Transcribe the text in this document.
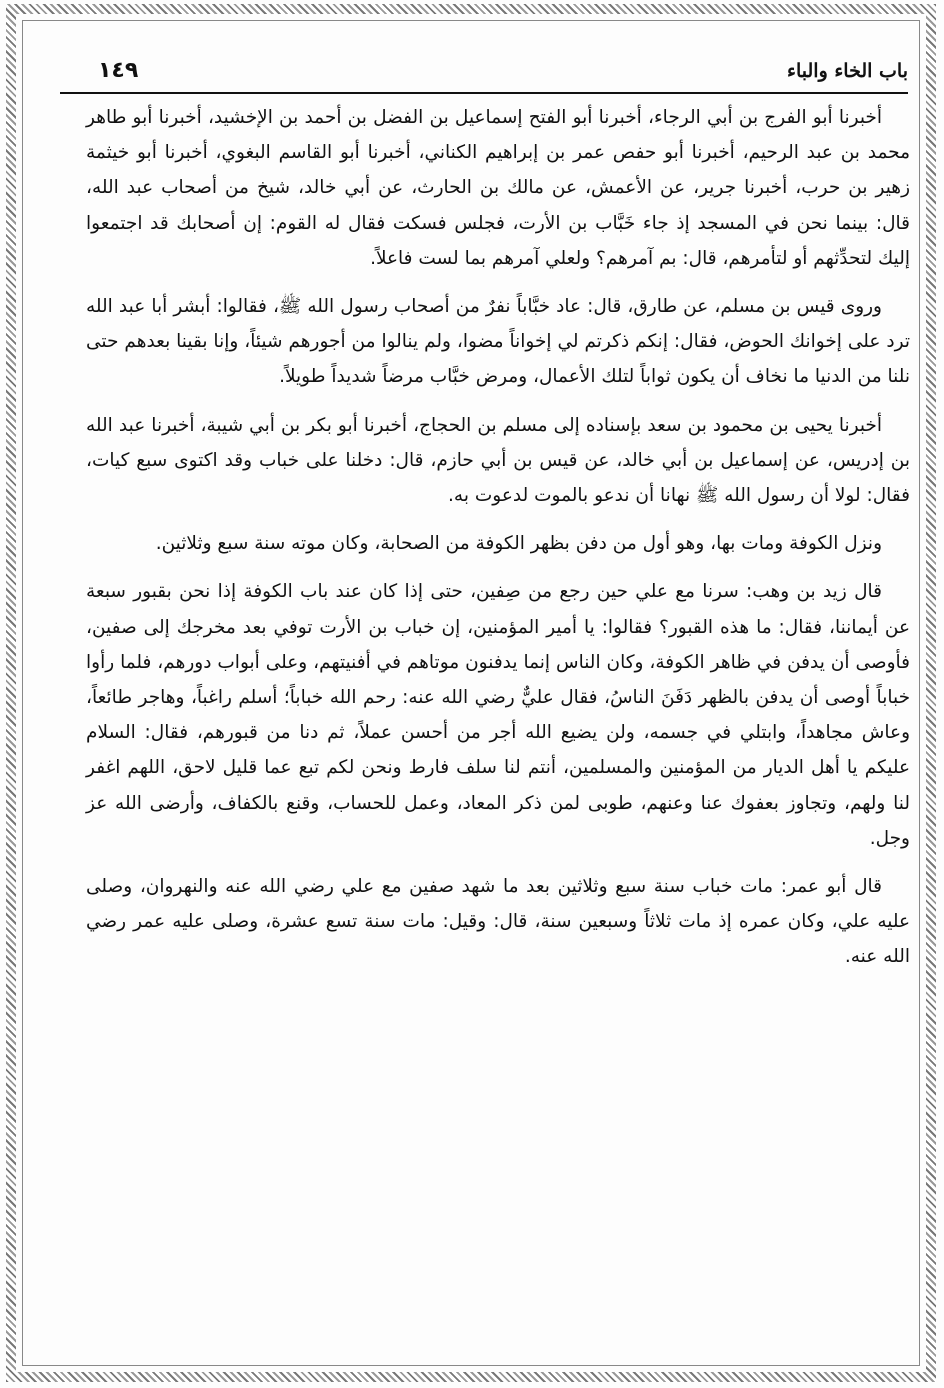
باب الخاء والباء
١٤٩

أخبرنا أبو الفرج بن أبي الرجاء، أخبرنا أبو الفتح إسماعيل بن الفضل بن أحمد بن الإخشيد، أخبرنا أبو طاهر محمد بن عبد الرحيم، أخبرنا أبو حفص عمر بن إبراهيم الكناني، أخبرنا أبو القاسم البغوي، أخبرنا أبو خيثمة زهير بن حرب، أخبرنا جرير، عن الأعمش، عن مالك بن الحارث، عن أبي خالد، شيخ من أصحاب عبد الله، قال: بينما نحن في المسجد إذ جاء خَبَّاب بن الأرت، فجلس فسكت فقال له القوم: إن أصحابك قد اجتمعوا إليك لتحدِّثهم أو لتأمرهم، قال: بم آمرهم؟ ولعلي آمرهم بما لست فاعلاً.

وروى قيس بن مسلم، عن طارق، قال: عاد خبَّاباً نفرٌ من أصحاب رسول الله ﷺ، فقالوا: أبشر أبا عبد الله ترد على إخوانك الحوض، فقال: إنكم ذكرتم لي إخواناً مضوا، ولم ينالوا من أجورهم شيئاً، وإنا بقينا بعدهم حتى نلنا من الدنيا ما نخاف أن يكون ثواباً لتلك الأعمال، ومرض خبَّاب مرضاً شديداً طويلاً.

أخبرنا يحيى بن محمود بن سعد بإسناده إلى مسلم بن الحجاج، أخبرنا أبو بكر بن أبي شيبة، أخبرنا عبد الله بن إدريس، عن إسماعيل بن أبي خالد، عن قيس بن أبي حازم، قال: دخلنا على خباب وقد اكتوى سبع كيات، فقال: لولا أن رسول الله ﷺ نهانا أن ندعو بالموت لدعوت به.

ونزل الكوفة ومات بها، وهو أول من دفن بظهر الكوفة من الصحابة، وكان موته سنة سبع وثلاثين.

قال زيد بن وهب: سرنا مع علي حين رجع من صِفين، حتى إذا كان عند باب الكوفة إذا نحن بقبور سبعة عن أيماننا، فقال: ما هذه القبور؟ فقالوا: يا أمير المؤمنين، إن خباب بن الأرت توفي بعد مخرجك إلى صفين، فأوصى أن يدفن في ظاهر الكوفة، وكان الناس إنما يدفنون موتاهم في أفنيتهم، وعلى أبواب دورهم، فلما رأوا خباباً أوصى أن يدفن بالظهر دَفَنَ الناسُ، فقال عليٌّ رضي الله عنه: رحم الله خباباً؛ أسلم راغباً، وهاجر طائعاً، وعاش مجاهداً، وابتلي في جسمه، ولن يضيع الله أجر من أحسن عملاً، ثم دنا من قبورهم، فقال: السلام عليكم يا أهل الديار من المؤمنين والمسلمين، أنتم لنا سلف فارط ونحن لكم تبع عما قليل لاحق، اللهم اغفر لنا ولهم، وتجاوز بعفوك عنا وعنهم، طوبى لمن ذكر المعاد، وعمل للحساب، وقنع بالكفاف، وأرضى الله عز وجل.

قال أبو عمر: مات خباب سنة سبع وثلاثين بعد ما شهد صفين مع علي رضي الله عنه والنهروان، وصلى عليه علي، وكان عمره إذ مات ثلاثاً وسبعين سنة، قال: وقيل: مات سنة تسع عشرة، وصلى عليه عمر رضي الله عنه.
